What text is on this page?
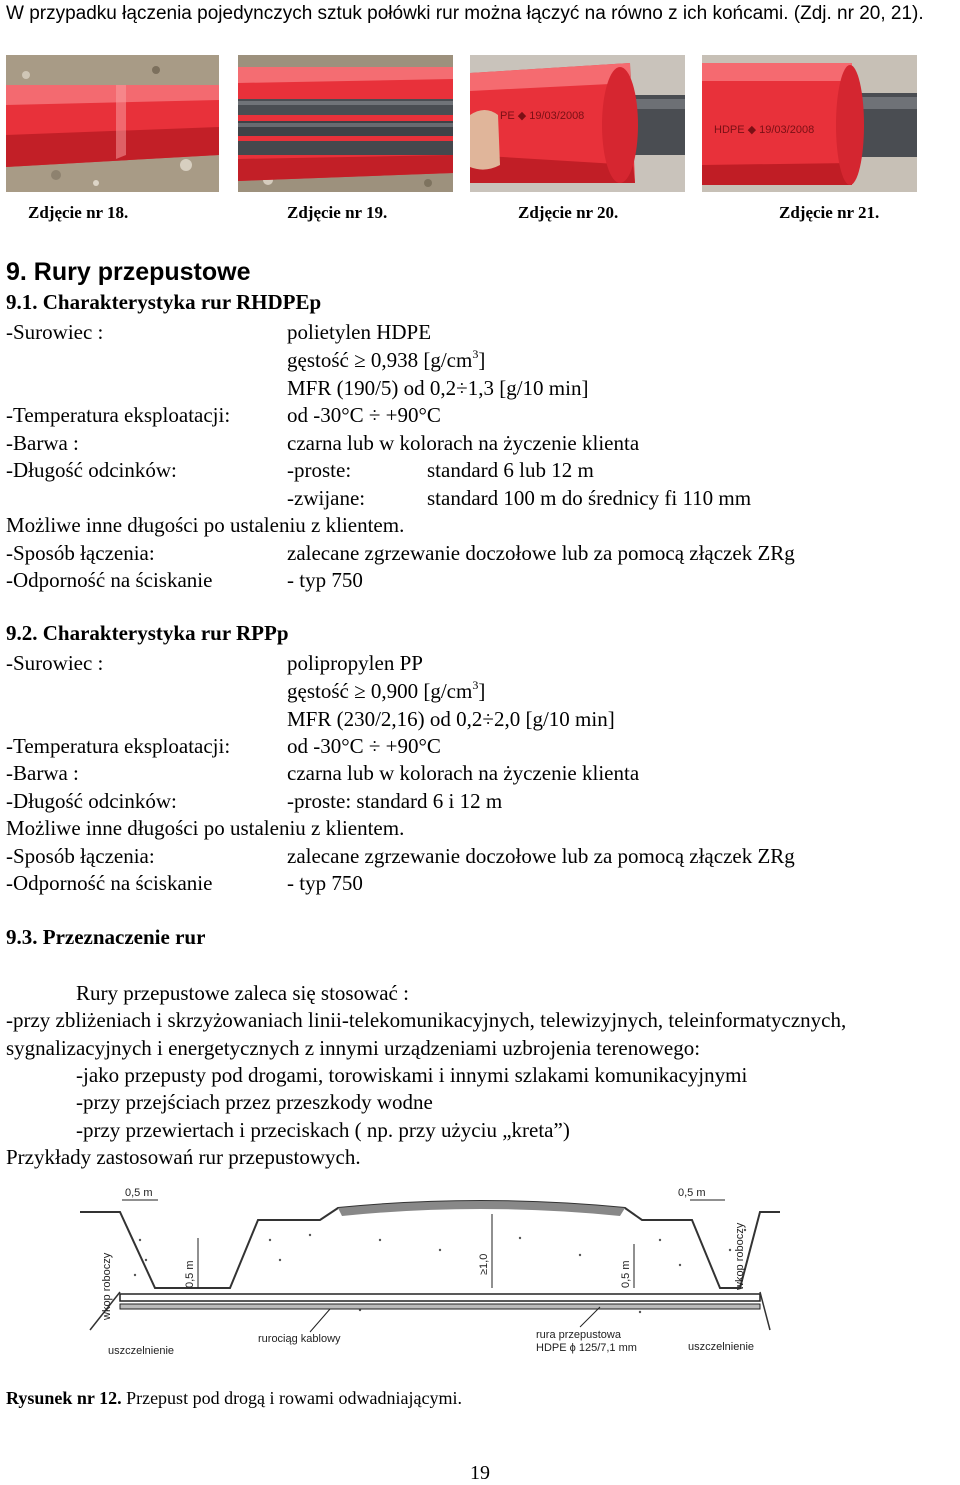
W przypadku łączenia pojedynczych sztuk połówki rur można łączyć na równo z ich końcami. (Zdj. nr 20, 21).
PE ◆ 19/03/2008
HDPE ◆ 19/03/2008
Zdjęcie nr 18.	Zdjęcie nr 19.	Zdjęcie nr 20.	Zdjęcie nr 21.
9. Rury przepustowe
9.1. Charakterystyka rur RHDPEp
-Surowiec :	polietylen HDPE
gęstość ≥ 0,938 $[g/cm^3]$
MFR (190/5) od 0,2÷1,3 [g/10 min]
-Temperatura eksploatacji:	od -30°C ÷ +90°C
-Barwa :	czarna lub w kolorach na życzenie klienta
-Długość odcinków:	-proste:	standard 6 lub 12 m
-zwijane:	standard 100 m do średnicy fi 110 mm
Możliwe inne długości po ustaleniu z klientem.
-Sposób łączenia:	zalecane zgrzewanie doczołowe lub za pomocą złączek ZRg
-Odporność na ściskanie	- typ 750
9.2. Charakterystyka rur RPPp
-Surowiec :	polipropylen PP
gęstość ≥ 0,900 $[g/cm^3]$
MFR (230/2,16) od 0,2÷2,0 [g/10 min]
-Temperatura eksploatacji:	od -30°C ÷ +90°C
-Barwa :	czarna lub w kolorach na życzenie klienta
-Długość odcinków:	-proste: standard 6 i 12 m
Możliwe inne długości po ustaleniu z klientem.
-Sposób łączenia:	zalecane zgrzewanie doczołowe lub za pomocą złączek ZRg
-Odporność na ściskanie	- typ 750
9.3. Przeznaczenie rur
Rury przepustowe zaleca się stosować :
-przy zbliżeniach i skrzyżowaniach linii-telekomunikacyjnych, telewizyjnych, teleinformatycznych,
sygnalizacyjnych i energetycznych z innymi urządzeniami uzbrojenia terenowego:
-jako przepusty pod drogami, torowiskami i innymi szlakami komunikacyjnymi
-przy przejściach przez przeszkody wodne
-przy przewiertach i przeciskach ( np. przy użyciu „kreta”)
Przykłady zastosowań rur przepustowych.
0,5 m	0,5 m
0,5 m	≥1,0	0,5 m
wkop roboczy	wkop roboczy
uszczelnienie	uszczelnienie
rurociąg kablowy	rura przepustowa
HDPE ϕ 125/7,1 mm
Rysunek nr 12. Przepust pod drogą i rowami odwadniającymi.
19
